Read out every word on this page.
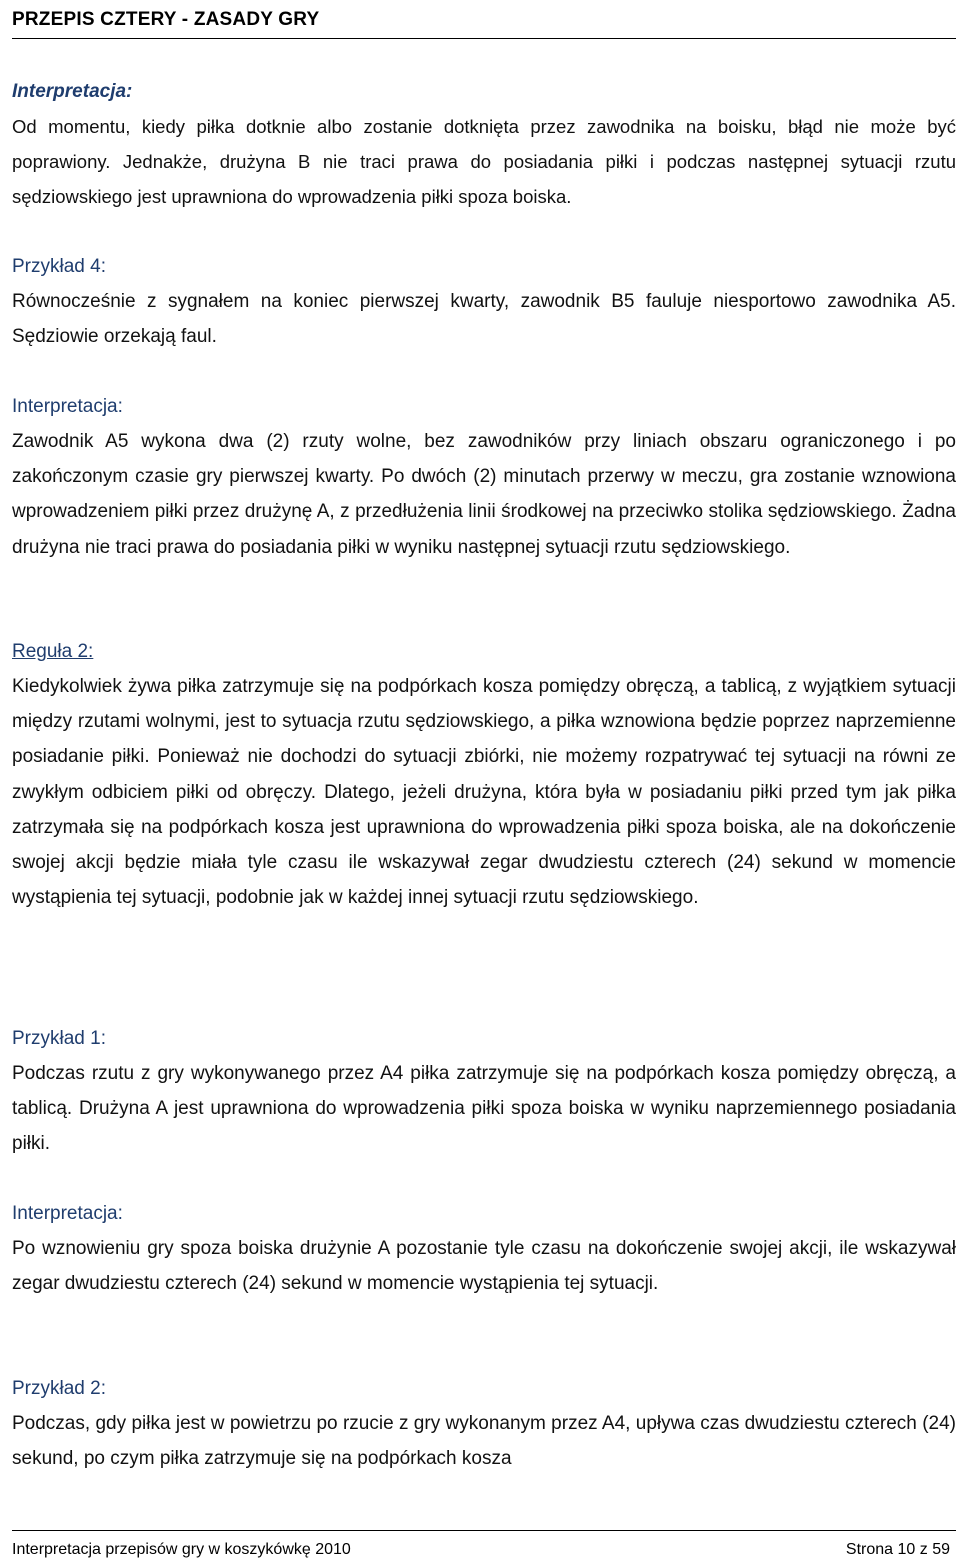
PRZEPIS CZTERY - ZASADY GRY
Interpretacja:

Od momentu, kiedy piłka dotknie albo zostanie dotknięta przez zawodnika na boisku, błąd nie może być poprawiony. Jednakże, drużyna B nie traci prawa do posiadania piłki i podczas następnej sytuacji rzutu sędziowskiego jest uprawniona do wprowadzenia piłki spoza boiska.

Przykład 4:

Równocześnie z sygnałem na koniec pierwszej kwarty, zawodnik B5 fauluje niesportowo zawodnika A5. Sędziowie orzekają faul.

Interpretacja:

Zawodnik A5 wykona dwa (2) rzuty wolne, bez zawodników przy liniach obszaru ograniczonego i po zakończonym czasie gry pierwszej kwarty. Po dwóch (2) minutach przerwy w meczu, gra zostanie wznowiona wprowadzeniem piłki przez drużynę A, z przedłużenia linii środkowej na przeciwko stolika sędziowskiego. Żadna drużyna nie traci prawa do posiadania piłki w wyniku następnej sytuacji rzutu sędziowskiego.

Reguła 2:

Kiedykolwiek żywa piłka zatrzymuje się na podpórkach kosza pomiędzy obręczą, a tablicą, z wyjątkiem sytuacji między rzutami wolnymi, jest to sytuacja rzutu sędziowskiego, a piłka wznowiona będzie poprzez naprzemienne posiadanie piłki. Ponieważ nie dochodzi do sytuacji zbiórki, nie możemy rozpatrywać tej sytuacji na równi ze zwykłym odbiciem piłki od obręczy. Dlatego, jeżeli drużyna, która była w posiadaniu piłki przed tym jak piłka zatrzymała się na podpórkach kosza jest uprawniona do wprowadzenia piłki spoza boiska, ale na dokończenie swojej akcji będzie miała tyle czasu ile wskazywał zegar dwudziestu czterech (24) sekund w momencie wystąpienia tej sytuacji, podobnie jak w każdej innej sytuacji rzutu sędziowskiego.

Przykład 1:

Podczas rzutu z gry wykonywanego przez A4 piłka zatrzymuje się na podpórkach kosza pomiędzy obręczą, a tablicą. Drużyna A jest uprawniona do wprowadzenia piłki spoza boiska w wyniku naprzemiennego posiadania piłki.

Interpretacja:

Po wznowieniu gry spoza boiska drużynie A pozostanie tyle czasu na dokończenie swojej akcji, ile wskazywał zegar dwudziestu czterech (24) sekund w momencie wystąpienia tej sytuacji.

Przykład 2:

Podczas, gdy piłka jest w powietrzu po rzucie z gry wykonanym przez A4, upływa czas dwudziestu czterech (24) sekund, po czym piłka zatrzymuje się na podpórkach kosza

Interpretacja przepisów gry w koszykówkę 2010	Strona 10 z 59
